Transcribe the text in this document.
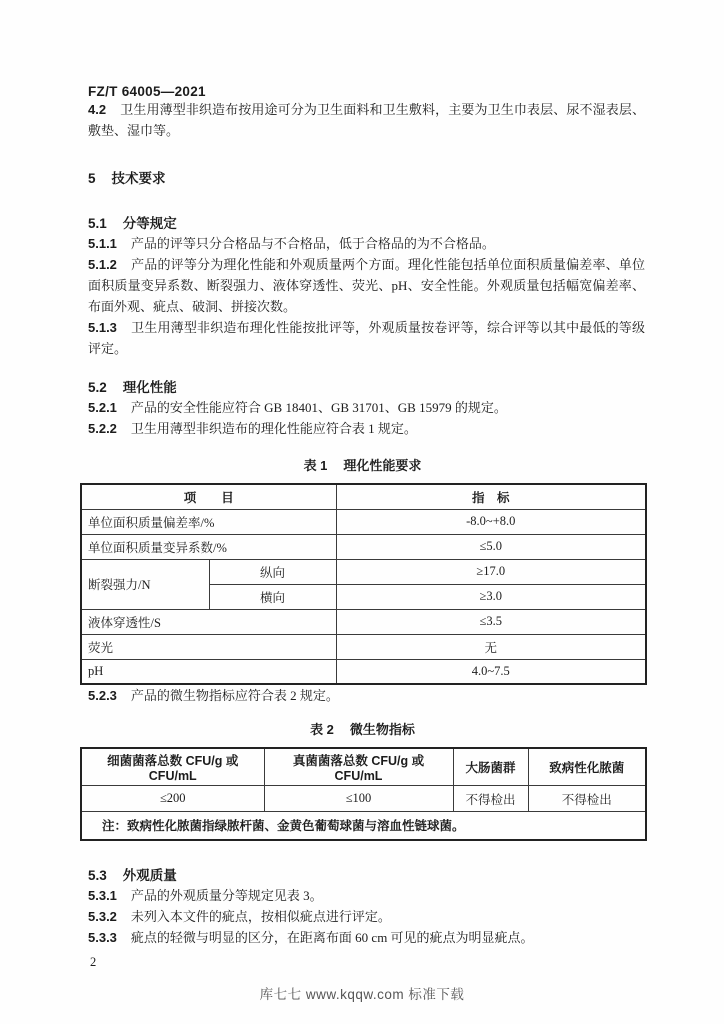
FZ/T 64005—2021

4.2 卫生用薄型非织造布按用途可分为卫生面料和卫生敷料，主要为卫生巾表层、尿不湿表层、敷垫、湿巾等。

5 技术要求
5.1 分等规定

5.1.1 产品的评等只分合格品与不合格品，低于合格品的为不合格品。

5.1.2 产品的评等分为理化性能和外观质量两个方面。理化性能包括单位面积质量偏差率、单位面积质量变异系数、断裂强力、液体穿透性、荧光、pH、安全性能。外观质量包括幅宽偏差率、布面外观、疵点、破洞、拼接次数。

5.1.3 卫生用薄型非织造布理化性能按批评等，外观质量按卷评等，综合评等以其中最低的等级评定。

5.2 理化性能

5.2.1 产品的安全性能应符合 GB 18401、GB 31701、GB 15979 的规定。

5.2.2 卫生用薄型非织造布的理化性能应符合表 1 规定。

表 1 理化性能要求
项　　目		指　标
单位面积质量偏差率/%		-8.0~+8.0
单位面积质量变异系数/%		≤5.0
断裂强力/N	纵向	≥17.0
	横向	≥3.0
液体穿透性/S		≤3.5
荧光		无
pH		4.0~7.5

5.2.3 产品的微生物指标应符合表 2 规定。

表 2 微生物指标
细菌菌落总数 CFU/g 或 CFU/mL	真菌菌落总数 CFU/g 或 CFU/mL	大肠菌群	致病性化脓菌
≤200	≤100	不得检出	不得检出
注：致病性化脓菌指绿脓杆菌、金黄色葡萄球菌与溶血性链球菌。			
5.3 外观质量

5.3.1 产品的外观质量分等规定见表 3。

5.3.2 未列入本文件的疵点，按相似疵点进行评定。

5.3.3 疵点的轻微与明显的区分，在距离布面 60 cm 可见的疵点为明显疵点。

2
库七七 www.kqqw.com 标准下载
